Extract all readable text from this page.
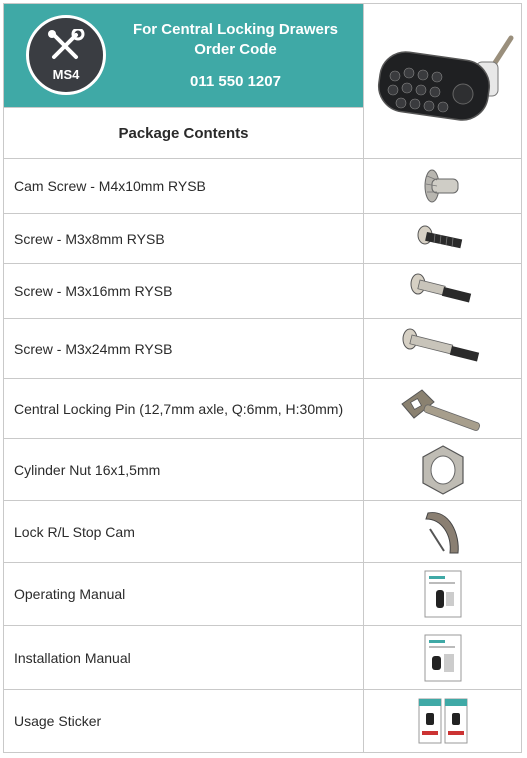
MS4
For Central Locking Drawers
Order Code
011 550 1207
Package Contents
Cam Screw - M4x10mm RYSB
Screw - M3x8mm RYSB
Screw - M3x16mm RYSB
Screw - M3x24mm RYSB
Central Locking Pin (12,7mm axle, Q:6mm, H:30mm)
Cylinder Nut 16x1,5mm
Lock R/L Stop Cam
Operating Manual
Installation Manual
Usage Sticker
